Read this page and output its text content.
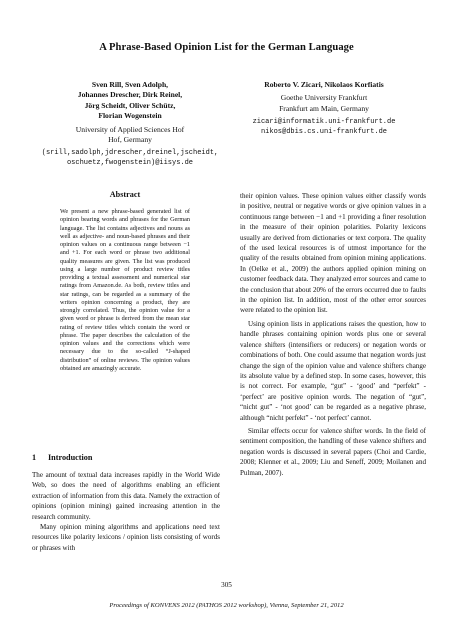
A Phrase-Based Opinion List for the German Language
Sven Rill, Sven Adolph,
Johannes Drescher, Dirk Reinel,
Jörg Scheidt, Oliver Schütz,
Florian Wogenstein
University of Applied Sciences Hof
Hof, Germany
(srill,sadolph,jdrescher,dreinel,jscheidt,
oschuetz,fwogenstein)@iisys.de
Roberto V. Zicari, Nikolaos Korfiatis
Goethe University Frankfurt
Frankfurt am Main, Germany
zicari@informatik.uni-frankfurt.de
nikos@dbis.cs.uni-frankfurt.de
Abstract
We present a new phrase-based generated list of opinion bearing words and phrases for the German language. The list contains adjectives and nouns as well as adjective- and noun-based phrases and their opinion values on a continuous range between −1 and +1. For each word or phrase two additional quality measures are given. The list was produced using a large number of product review titles providing a textual assessment and numerical star ratings from Amazon.de. As both, review titles and star ratings, can be regarded as a summary of the writers opinion concerning a product, they are strongly correlated. Thus, the opinion value for a given word or phrase is derived from the mean star rating of review titles which contain the word or phrase. The paper describes the calculation of the opinion values and the corrections which were necessary due to the so-called “J-shaped distribution” of online reviews. The opinion values obtained are amazingly accurate.
1 Introduction

The amount of textual data increases rapidly in the World Wide Web, so does the need of algorithms enabling an efficient extraction of information from this data. Namely the extraction of opinions (opinion mining) gained increasing attention in the research community.

Many opinion mining algorithms and applications need text resources like polarity lexicons / opinion lists consisting of words or phrases with

their opinion values. These opinion values either classify words in positive, neutral or negative words or give opinion values in a continuous range between −1 and +1 providing a finer resolution in the measure of their opinion polarities. Polarity lexicons usually are derived from dictionaries or text corpora. The quality of the used lexical resources is of utmost importance for the quality of the results obtained from opinion mining applications. In (Oelke et al., 2009) the authors applied opinion mining on customer feedback data. They analyzed error sources and came to the conclusion that about 20% of the errors occurred due to faults in the opinion list. In addition, most of the other error sources were related to the opinion list.

Using opinion lists in applications raises the question, how to handle phrases containing opinion words plus one or several valence shifters (intensifiers or reducers) or negation words or combinations of both. One could assume that negation words just change the sign of the opinion value and valence shifters change its absolute value by a defined step. In some cases, however, this is not correct. For example, “gut” - ‘good’ and “perfekt” - ‘perfect’ are positive opinion words. The negation of “gut”, “nicht gut” - ‘not good’ can be regarded as a negative phrase, although “nicht perfekt” - ‘not perfect’ cannot.

Similar effects occur for valence shifter words. In the field of sentiment composition, the handling of these valence shifters and negation words is discussed in several papers (Choi and Cardie, 2008; Klenner et al., 2009; Liu and Seneff, 2009; Moilanen and Pulman, 2007).

305
Proceedings of KONVENS 2012 (PATHOS 2012 workshop), Vienna, September 21, 2012
